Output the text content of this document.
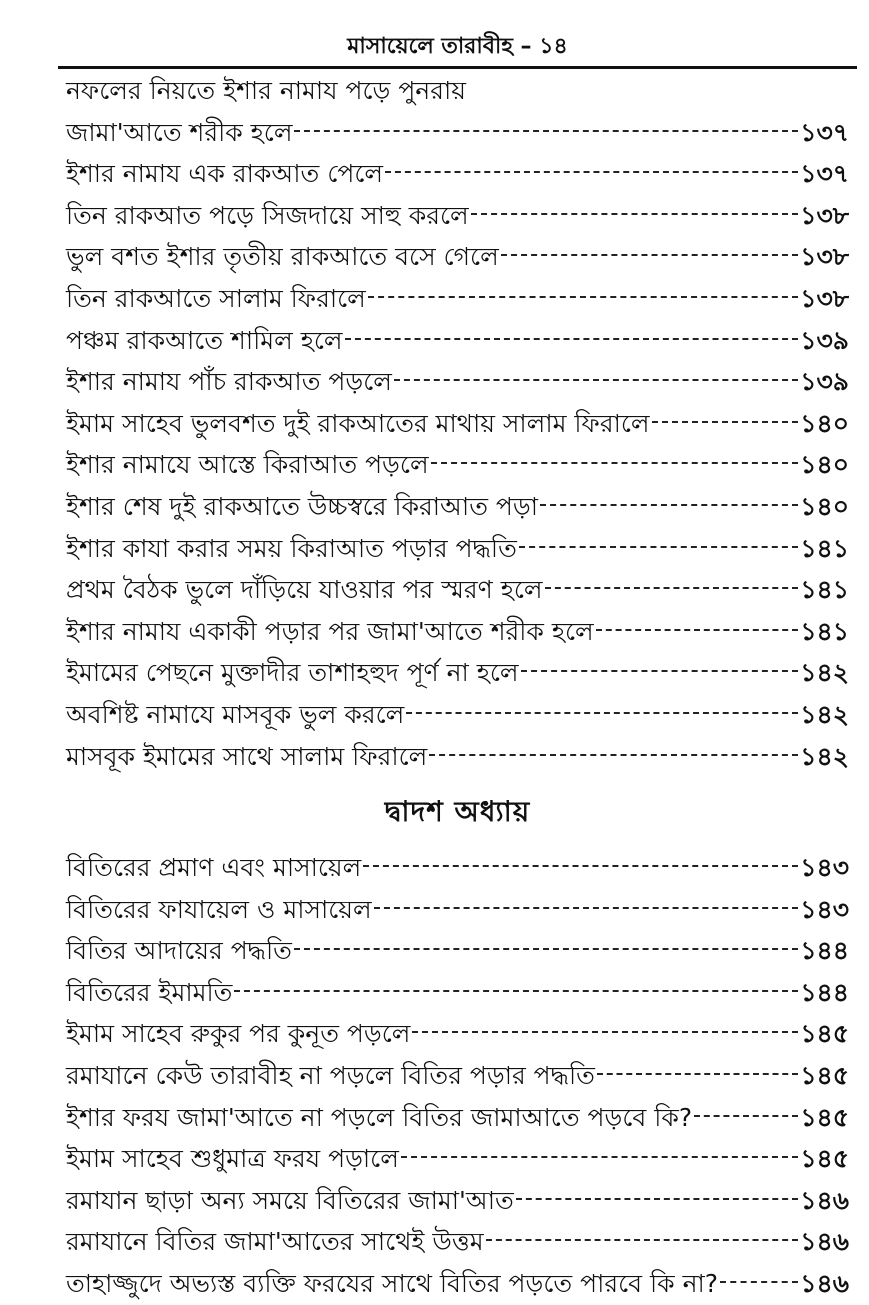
মাসায়েলে তারাবীহ – ১৪
নফলের নিয়তে ইশার নামায পড়ে পুনরায়
জামা'আতে শরীক হলে	১৩৭
ইশার নামায এক রাকআত পেলে	১৩৭
তিন রাকআত পড়ে সিজদায়ে সাহু করলে	১৩৮
ভুল বশত ইশার তৃতীয় রাকআতে বসে গেলে	১৩৮
তিন রাকআতে সালাম ফিরালে	১৩৮
পঞ্চম রাকআতে শামিল হলে	১৩৯
ইশার নামায পাঁচ রাকআত পড়লে	১৩৯
ইমাম সাহেব ভুলবশত দুই রাকআতের মাথায় সালাম ফিরালে	১৪০
ইশার নামাযে আস্তে কিরাআত পড়লে	১৪০
ইশার শেষ দুই রাকআতে উচ্চস্বরে কিরাআত পড়া	১৪০
ইশার কাযা করার সময় কিরাআত পড়ার পদ্ধতি	১৪১
প্রথম বৈঠক ভুলে দাঁড়িয়ে যাওয়ার পর স্মরণ হলে	১৪১
ইশার নামায একাকী পড়ার পর জামা'আতে শরীক হলে	১৪১
ইমামের পেছনে মুক্তাদীর তাশাহহুদ পূর্ণ না হলে	১৪২
অবশিষ্ট নামাযে মাসবূক ভুল করলে	১৪২
মাসবূক ইমামের সাথে সালাম ফিরালে	১৪২
দ্বাদশ অধ্যায়
বিতিরের প্রমাণ এবং মাসায়েল	১৪৩
বিতিরের ফাযায়েল ও মাসায়েল	১৪৩
বিতির আদায়ের পদ্ধতি	১৪৪
বিতিরের ইমামতি	১৪৪
ইমাম সাহেব রুকুর পর কুনূত পড়লে	১৪৫
রমাযানে কেউ তারাবীহ না পড়লে বিতির পড়ার পদ্ধতি	১৪৫
ইশার ফরয জামা'আতে না পড়লে বিতির জামাআতে পড়বে কি?	১৪৫
ইমাম সাহেব শুধুমাত্র ফরয পড়ালে	১৪৫
রমাযান ছাড়া অন্য সময়ে বিতিরের জামা'আত	১৪৬
রমাযানে বিতির জামা'আতের সাথেই উত্তম	১৪৬
তাহাজ্জুদে অভ্যস্ত ব্যক্তি ফরযের সাথে বিতির পড়তে পারবে কি না?	১৪৬
